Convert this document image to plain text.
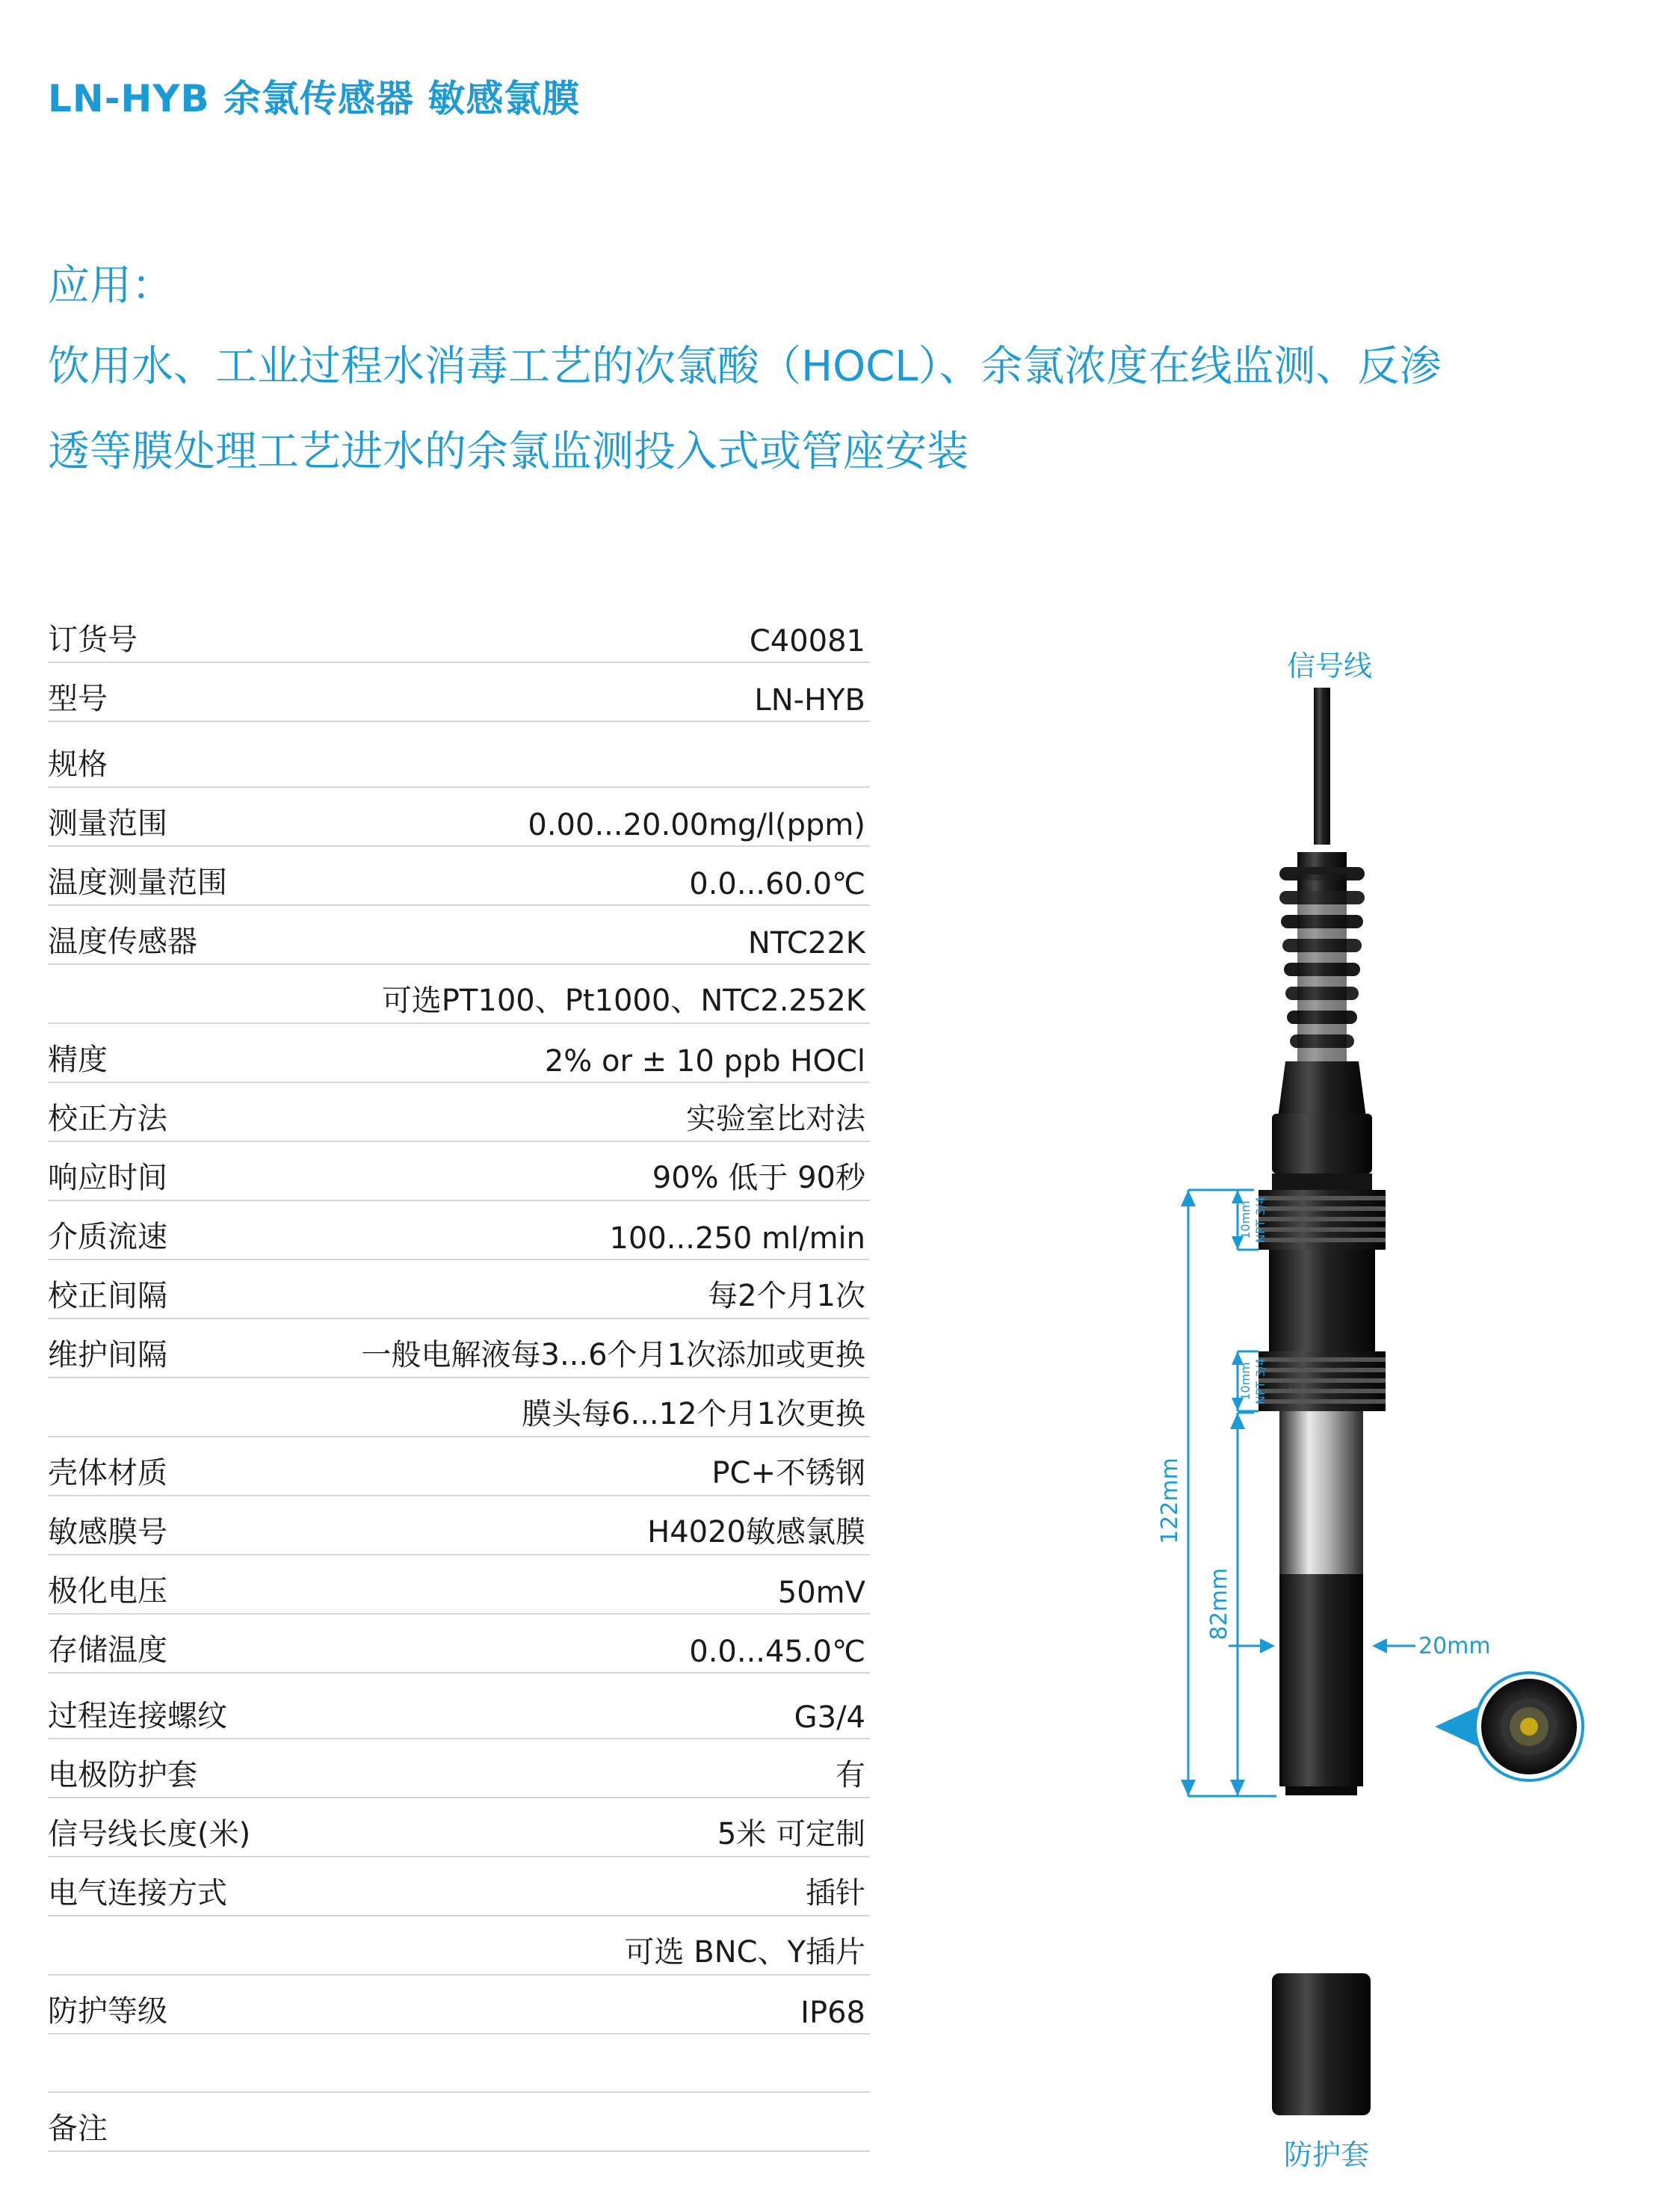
LN-HYB 余氯传感器 敏感氯膜
应用：
饮用水、工业过程水消毒工艺的次氯酸（HOCL）、余氯浓度在线监测、反渗
透等膜处理工艺进水的余氯监测投入式或管座安装
订货号	C40081
型号	LN-HYB
规格
测量范围	0.00...20.00mg/l(ppm)
温度测量范围	0.0...60.0℃
温度传感器	NTC22K
可选PT100、Pt1000、NTC2.252K
精度	2% or ± 10 ppb HOCl
校正方法	实验室比对法
响应时间	90% 低于 90秒
介质流速	100...250 ml/min
校正间隔	每2个月1次
维护间隔	一般电解液每3...6个月1次添加或更换
膜头每6...12个月1次更换
壳体材质	PC+不锈钢
敏感膜号	H4020敏感氯膜
极化电压	50mV
存储温度	0.0...45.0℃
过程连接螺纹	G3/4
电极防护套	有
信号线长度(米)	5米 可定制
电气连接方式	插针
可选 BNC、Y插片
防护等级	IP68
备注
信号线
防护套
122mm
82mm
20mm
10mm NPT 3/4
10mm NPT 3/4
